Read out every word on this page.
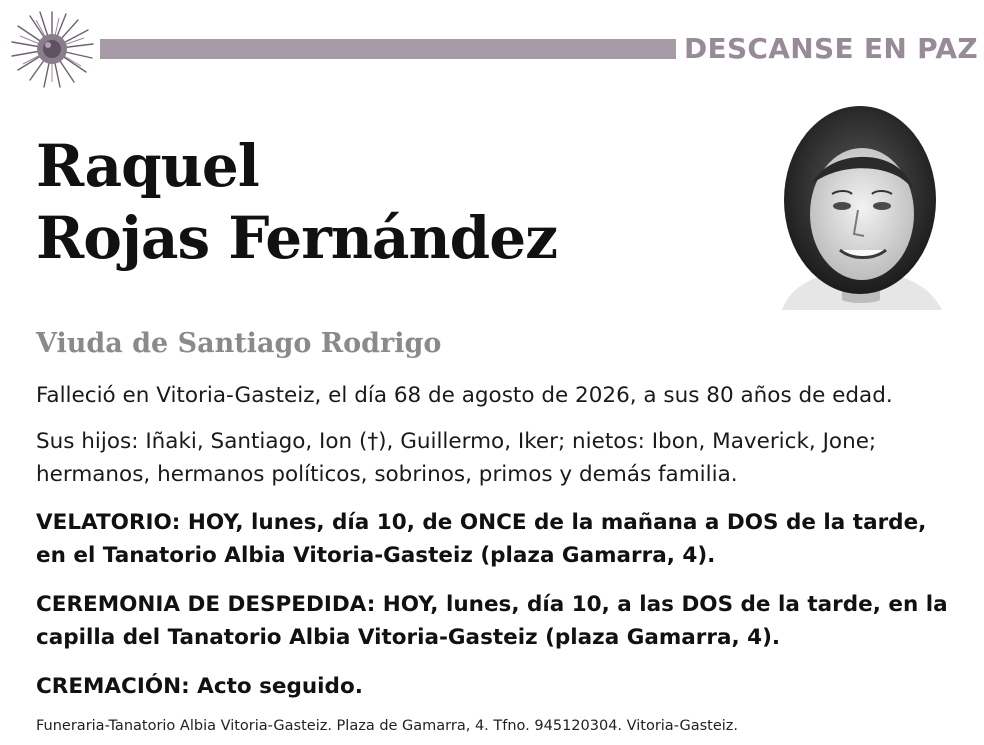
DESCANSE EN PAZ
Raquel
Rojas Fernández
Viuda de Santiago Rodrigo

Falleció en Vitoria-Gasteiz, el día 68 de agosto de 2026, a sus 80 años de edad.

Sus hijos: Iñaki, Santiago, Ion (†), Guillermo, Iker; nietos: Ibon, Maverick, Jone; hermanos, hermanos políticos, sobrinos, primos y demás familia.

VELATORIO: HOY, lunes, día 10, de ONCE de la mañana a DOS de la tarde, en el Tanatorio Albia Vitoria-Gasteiz (plaza Gamarra, 4).

CEREMONIA DE DESPEDIDA: HOY, lunes, día 10, a las DOS de la tarde, en la capilla del Tanatorio Albia Vitoria-Gasteiz (plaza Gamarra, 4).

CREMACIÓN: Acto seguido.

Funeraria-Tanatorio Albia Vitoria-Gasteiz. Plaza de Gamarra, 4. Tfno. 945120304. Vitoria-Gasteiz.
